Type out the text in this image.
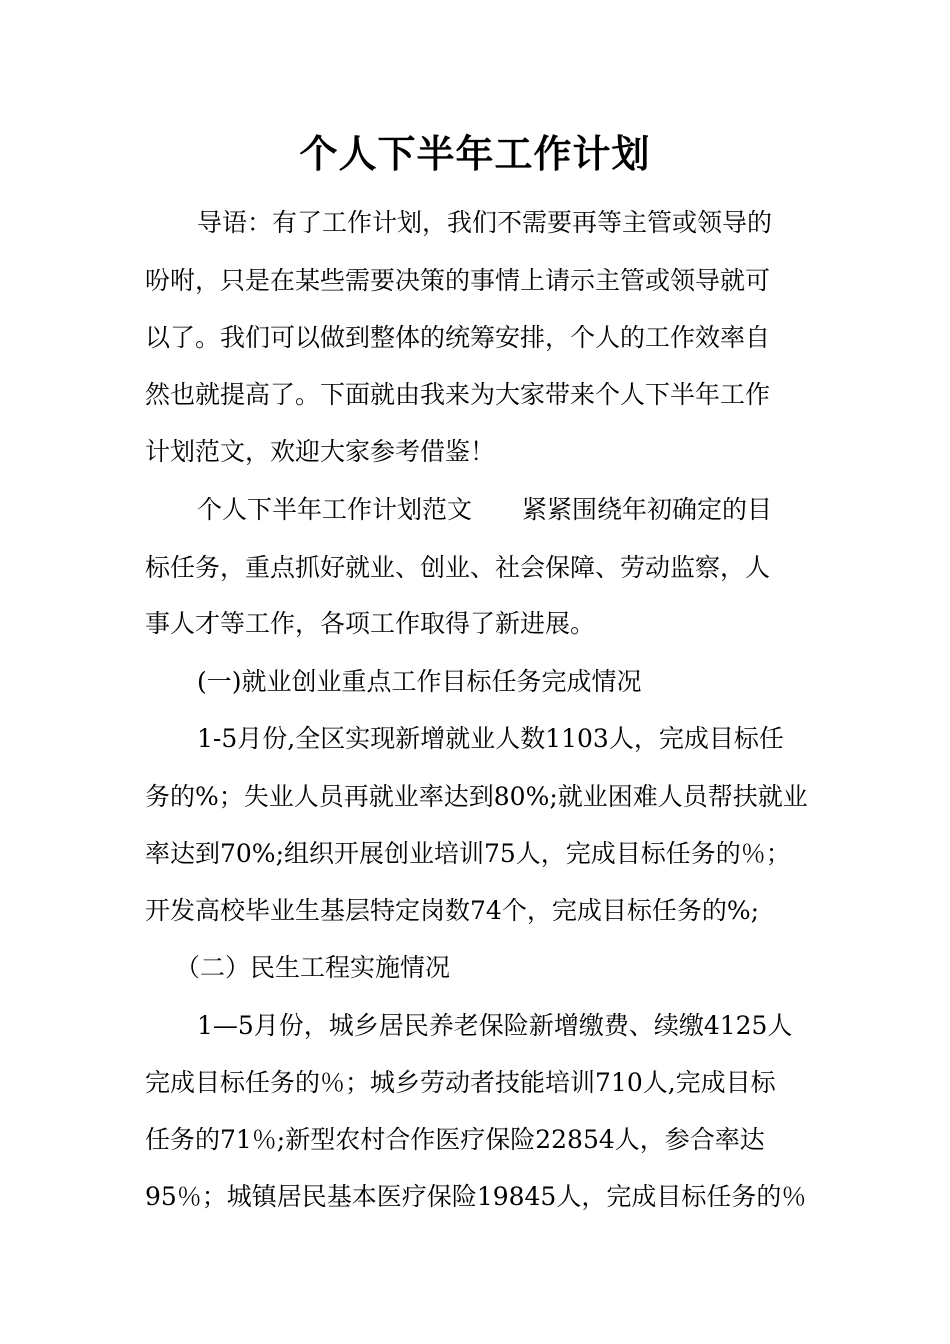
个人下半年工作计划
导语：有了工作计划，我们不需要再等主管或领导的
吩咐，只是在某些需要决策的事情上请示主管或领导就可
以了。我们可以做到整体的统筹安排，个人的工作效率自
然也就提高了。下面就由我来为大家带来个人下半年工作
计划范文，欢迎大家参考借鉴！
个人下半年工作计划范文　　紧紧围绕年初确定的目
标任务，重点抓好就业、创业、社会保障、劳动监察，人
事人才等工作，各项工作取得了新进展。
(一)就业创业重点工作目标任务完成情况
1-5月份,全区实现新增就业人数1103人，完成目标任
务的%；失业人员再就业率达到80%;就业困难人员帮扶就业
率达到70%;组织开展创业培训75人，完成目标任务的％；
开发高校毕业生基层特定岗数74个，完成目标任务的%;
（二）民生工程实施情况
1—5月份，城乡居民养老保险新增缴费、续缴4125人
完成目标任务的％；城乡劳动者技能培训710人,完成目标
任务的71％;新型农村合作医疗保险22854人，参合率达
95％；城镇居民基本医疗保险19845人，完成目标任务的％
